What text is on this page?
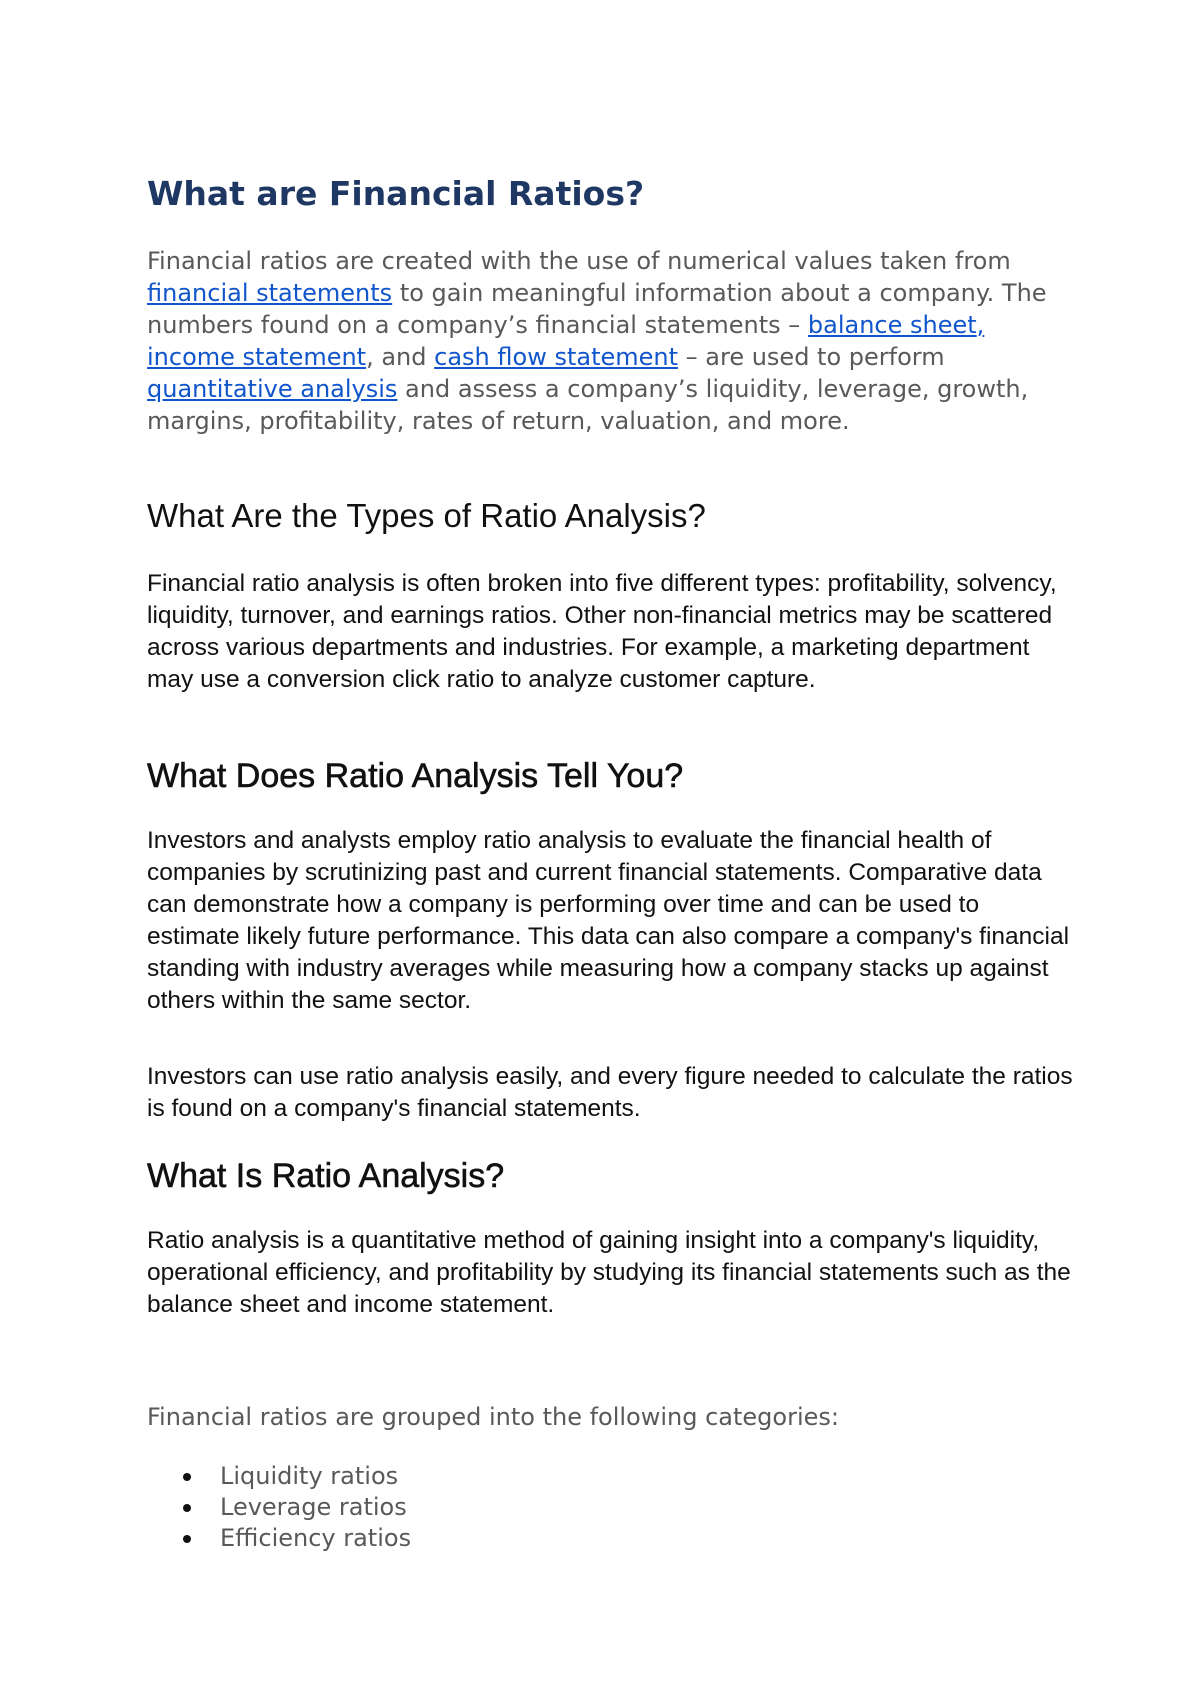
What are Financial Ratios?

Financial ratios are created with the use of numerical values taken from financial statements to gain meaningful information about a company. The numbers found on a company’s financial statements – balance sheet, income statement, and cash flow statement – are used to perform quantitative analysis and assess a company’s liquidity, leverage, growth, margins, profitability, rates of return, valuation, and more.

What Are the Types of Ratio Analysis?

Financial ratio analysis is often broken into five different types: profitability, solvency, liquidity, turnover, and earnings ratios. Other non-financial metrics may be scattered across various departments and industries. For example, a marketing department may use a conversion click ratio to analyze customer capture.

What Does Ratio Analysis Tell You?

Investors and analysts employ ratio analysis to evaluate the financial health of companies by scrutinizing past and current financial statements. Comparative data can demonstrate how a company is performing over time and can be used to estimate likely future performance. This data can also compare a company's financial standing with industry averages while measuring how a company stacks up against others within the same sector.

Investors can use ratio analysis easily, and every figure needed to calculate the ratios is found on a company's financial statements.

What Is Ratio Analysis?

Ratio analysis is a quantitative method of gaining insight into a company's liquidity, operational efficiency, and profitability by studying its financial statements such as the balance sheet and income statement.

Financial ratios are grouped into the following categories:

Liquidity ratios
Leverage ratios
Efficiency ratios
